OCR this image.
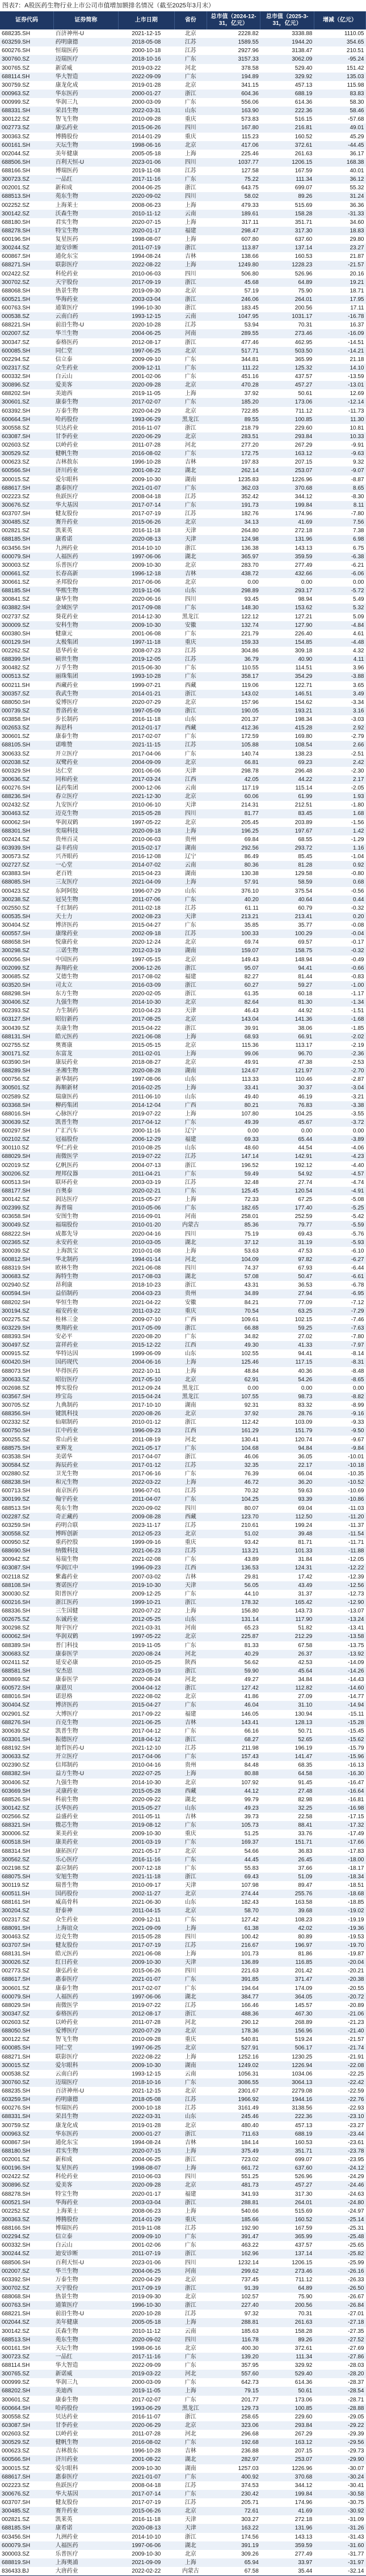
图表7：A股医药生物行业上市公司市值增加额排名情况（截至2025年3月末）
证券代码	证券简称	上市日期	省份	总市值（2024-12-31，亿元）	总市值（2025-3-31，亿元）	增减（亿元）
688235.SH	百济神州-U	2021-12-15	北京	2228.82	3338.88	1110.05
603259.SH	药明康德	2018-05-08	江苏	1589.55	1944.20	354.65
600276.SH	恒瑞医药	2000-10-18	江苏	2927.96	3138.47	210.51
300760.SZ	迈瑞医疗	2018-10-16	广东	3157.33	3062.09	-95.24
300765.SZ	新诺威	2019-03-22	河北	378.58	529.40	151.42
688114.SH	华大智造	2022-09-09	广东	194.89	329.92	135.03
300759.SZ	康龙化成	2019-01-28	北京	341.15	457.13	115.98
000963.SZ	华东医药	2000-01-27	浙江	604.36	688.19	83.83
000999.SZ	华润三九	2000-03-09	广东	556.06	614.36	58.30
688331.SH	荣昌生物	2022-03-31	山东	163.90	222.36	58.46
300122.SZ	智飞生物	2010-09-28	重庆	573.83	516.15	-57.68
002773.SZ	康弘药业	2015-06-26	四川	167.80	216.81	49.01
300363.SZ	博腾股份	2014-01-29	重庆	115.23	160.52	45.29
600161.SH	天坛生物	1998-06-16	北京	417.06	372.61	-44.45
002044.SZ	美年健康	2005-05-18	上海	225.46	261.63	36.17
688506.SH	百利天恒-U	2023-01-06	四川	1037.77	1206.15	168.38
688166.SH	博瑞医药	2019-11-08	江苏	127.58	167.59	40.01
300723.SZ	一品红	2017-11-16	广东	75.22	111.34	36.12
002001.SZ	新和成	2004-06-25	浙江	643.75	699.07	55.32
688513.SH	苑东生物	2020-09-02	四川	58.02	89.26	31.24
002252.SZ	上海莱士	2008-06-23	上海	479.33	515.69	36.36
300142.SZ	沃森生物	2010-11-12	云南	189.61	158.28	-31.33
688180.SH	君实生物	2020-07-15	上海	317.11	351.71	34.60
688278.SH	特宝生物	2020-01-17	福建	298.47	317.30	18.83
600196.SH	复星医药	1998-08-07	上海	607.80	637.60	29.80
300244.SZ	迪安诊断	2011-07-19	浙江	113.87	137.14	23.27
600867.SH	通化东宝	1994-08-24	吉林	138.66	160.53	21.87
688271.SH	联影医疗	2022-08-22	上海	1249.80	1228.23	-21.57
002422.SZ	科伦药业	2010-06-03	四川	506.80	526.96	20.16
300702.SZ	天宇股份	2017-09-19	浙江	45.68	64.89	19.21
688068.SH	热景生物	2019-09-30	北京	57.19	75.90	18.71
600521.SH	华海药业	2003-03-04	浙江	246.06	264.01	17.95
600763.SH	通策医疗	1996-10-30	浙江	183.45	200.56	17.11
000538.SZ	云南白药	1993-12-15	云南	1047.95	1031.17	-16.78
688221.SH	前沿生物-U	2020-10-28	江苏	53.94	70.31	16.37
002007.SZ	华兰生物	2004-06-25	河南	289.55	273.46	-16.09
300347.SZ	泰格医药	2012-08-17	浙江	477.46	462.95	-14.51
600085.SH	同仁堂	1997-06-25	北京	517.71	503.50	-14.21
002294.SZ	信立泰	2009-09-10	广东	344.81	365.99	21.18
002317.SZ	众生药业	2009-12-11	广东	111.22	125.32	14.10
600332.SH	白云山	2001-02-06	广东	451.16	437.57	-13.59
300896.SZ	爱美客	2020-09-28	北京	470.28	457.27	-13.01
688202.SH	美迪西	2019-11-05	上海	37.92	50.61	12.69
300601.SZ	康泰生物	2017-02-07	广东	185.20	173.06	-12.14
603392.SH	万泰生物	2020-04-29	北京	722.85	711.12	-11.73
600664.SH	哈药股份	1993-06-29	黑龙江	89.55	100.85	11.30
300558.SZ	贝达药业	2016-11-07	浙江	218.79	229.60	10.81
603087.SH	甘李药业	2020-06-29	北京	283.51	293.84	10.33
002603.SZ	以岭药业	2011-07-28	河北	277.20	267.29	-9.91
300529.SZ	健帆生物	2016-08-02	广东	172.75	163.12	-9.63
000623.SZ	吉林敖东	1996-10-28	吉林	197.83	207.15	9.32
600566.SH	济川药业	2001-08-22	湖北	262.14	253.07	-9.07
300015.SZ	爱尔眼科	2009-10-30	湖南	1235.83	1226.96	-8.87
688617.SH	惠泰医疗	2021-01-07	广东	362.03	370.68	8.65
002223.SZ	鱼跃医疗	2008-04-18	江苏	352.42	344.12	-8.30
300676.SZ	华大基因	2017-07-14	广东	191.73	199.84	8.11
603707.SH	健友股份	2017-07-19	江苏	182.76	174.96	-7.80
300485.SZ	赛升药业	2015-06-26	北京	34.13	41.69	7.56
002821.SZ	凯莱英	2016-11-18	天津	264.80	272.18	7.38
688185.SH	康希诺	2020-08-13	天津	124.98	131.96	6.98
603456.SH	九洲药业	2014-10-10	浙江	136.38	143.13	6.75
600079.SH	人福医药	1997-06-06	湖北	365.97	359.59	-6.38
300003.SZ	乐普医疗	2009-10-30	北京	283.70	277.49	-6.21
000661.SZ	长春高新	1996-12-18	吉林	438.72	432.66	-6.06
300661.SZ	圣邦股份	2017-06-06	北京	0.00	0.00	0.00
688185.SH	华熙生物	2019-11-06	山东	298.89	293.17	-5.72
300841.SZ	康华生物	2020-06-16	四川	93.45	98.94	5.49
603882.SH	金域医学	2017-09-08	广东	148.30	153.62	5.32
002737.SZ	葵花药业	2014-12-30	黑龙江	122.12	127.21	5.09
300009.SZ	安科生物	2009-10-30	安徽	132.74	127.90	-4.84
600380.SH	健康元	2001-06-08	广东	221.79	226.40	4.61
600129.SH	太极集团	1997-11-18	重庆	159.33	154.85	-4.48
002262.SZ	恩华药业	2008-07-23	江苏	304.86	309.18	4.32
688399.SH	硕世生物	2019-12-05	江苏	36.79	40.90	4.11
300482.SZ	万孚生物	2015-06-30	广东	110.55	114.51	3.96
000513.SZ	丽珠集团	1993-10-28	广东	358.17	354.29	-3.88
600211.SH	西藏药业	1999-07-21	西藏	119.06	122.71	3.65
300357.SZ	我武生物	2014-01-21	浙江	143.02	146.51	3.49
688050.SH	爱博医疗	2020-07-29	北京	157.96	154.62	-3.34
000739.SZ	普洛药业	1997-05-09	浙江	190.05	193.21	3.16
603858.SH	步长制药	2016-11-18	山东	201.37	198.34	-3.03
002653.SZ	海思科	2012-01-17	西藏	412.36	415.28	2.92
300601.SZ	康泰生物	2017-02-07	广东	172.59	169.80	-2.79
688105.SH	诺唯赞	2021-11-15	江苏	105.88	108.54	2.66
300633.SZ	开立医疗	2017-04-06	广东	140.74	138.23	-2.51
002038.SZ	双鹭药业	2004-09-09	北京	66.81	69.23	2.42
600329.SH	达仁堂	2001-06-06	天津	298.78	296.48	-2.30
300636.SZ	同和药业	2017-03-24	江西	42.05	44.22	2.17
600276.SH	昆药集团	2000-12-06	云南	117.19	115.14	-2.05
688236.SH	春立医疗	2021-12-30	北京	60.06	61.99	1.93
002432.SZ	九安医疗	2010-06-10	天津	214.31	212.51	-1.80
300463.SZ	迈克生物	2015-05-28	四川	81.77	83.45	1.68
600062.SH	华润双鹤	1997-05-22	北京	205.45	203.89	-1.56
688301.SH	奕瑞科技	2020-09-18	上海	196.25	197.67	1.42
002424.SZ	贵州百灵	2010-06-03	贵州	69.84	68.55	-1.29
603939.SH	益丰药房	2015-02-17	湖南	292.56	293.72	1.16
300573.SZ	兴齐眼药	2016-12-08	辽宁	86.49	85.45	-1.04
002727.SZ	一心堂	2014-07-02	云南	80.36	81.28	0.92
603883.SH	老百姓	2015-04-23	湖南	130.38	129.58	-0.80
688085.SH	三友医疗	2021-04-09	上海	57.91	58.59	0.68
000423.SZ	东阿阿胶	1996-07-29	山东	376.10	375.54	-0.56
300238.SZ	冠昊生物	2011-07-06	广东	40.20	40.64	0.44
002550.SZ	千红制药	2011-02-18	江苏	61.11	60.79	-0.32
600535.SH	天士力	2002-08-23	天津	213.21	213.41	0.20
300404.SZ	博济医药	2015-04-27	广东	35.85	35.77	-0.08
600557.SH	康缘药业	2002-09-18	江苏	100.33	100.29	-0.04
688658.SH	悦康药业	2020-12-24	北京	69.74	69.57	-0.17
300298.SZ	三诺生物	2012-03-19	湖南	159.07	158.75	-0.32
600056.SH	中国医药	1997-05-15	北京	149.43	148.94	-0.49
002099.SZ	海翔药业	2006-12-26	浙江	95.07	94.41	-0.66
300685.SZ	艾德生物	2017-08-02	福建	82.27	81.44	-0.83
603520.SH	司太立	2016-03-09	浙江	60.27	59.27	-1.00
688298.SH	东方生物	2020-02-05	浙江	61.35	60.18	-1.17
300406.SZ	九强生物	2014-10-30	北京	82.64	81.30	-1.34
002393.SZ	力生制药	2010-04-23	天津	46.43	44.92	-1.51
603127.SH	昭衍新药	2017-08-25	北京	143.04	141.36	-1.68
300439.SZ	美康生物	2015-04-22	浙江	39.91	38.06	-1.85
688131.SH	皓元医药	2021-06-08	上海	68.93	66.91	-2.02
002755.SZ	奥赛康	2015-05-15	北京	115.36	113.17	-2.19
300171.SZ	东富龙	2011-02-01	上海	99.06	96.70	-2.36
603590.SH	康辰药业	2018-08-27	北京	49.91	47.38	-2.53
688289.SH	圣湘生物	2020-08-28	湖南	124.67	121.97	-2.70
000756.SZ	新华制药	1997-08-06	山东	113.33	110.46	-2.87
300501.SZ	海顺新材	2016-02-25	上海	33.41	30.37	-3.04
002589.SZ	瑞康医药	2011-06-10	山东	49.40	46.19	-3.21
603368.SH	柳药集团	2014-12-04	广西	80.21	76.83	-3.38
688016.SH	心脉医疗	2019-07-22	上海	107.80	104.25	-3.55
300639.SZ	凯普生物	2017-04-12	广东	49.39	45.67	-3.72
600297.SH	广汇汽车	2000-11-16	辽宁	0.00	0.00	0.00
002102.SZ	冠福股份	2006-12-29	福建	69.33	65.44	-3.89
300110.SZ	华仁药业	2010-08-25	山东	48.60	44.54	-4.06
688029.SH	南微医学	2019-07-22	江苏	147.14	142.91	-4.23
002019.SZ	亿帆医药	2004-07-13	浙江	196.52	192.12	-4.40
300206.SZ	理邦仪器	2011-04-21	广东	59.49	54.92	-4.57
600513.SH	联环药业	2003-03-19	江苏	32.48	27.74	-4.74
688177.SH	百奥泰	2020-02-21	广东	125.45	120.54	-4.91
300142.SZ	润达医疗	2015-05-27	上海	72.33	67.25	-5.08
002399.SZ	海普瑞	2010-05-06	广东	182.65	177.40	-5.25
603658.SH	安图生物	2016-09-01	河南	258.01	252.59	-5.42
300049.SZ	福瑞股份	2010-01-20	内蒙古	85.36	79.77	-5.59
688222.SH	成都先导	2020-04-16	四川	75.19	69.43	-5.76
002365.SZ	永安药业	2010-03-05	湖北	37.12	31.19	-5.93
300039.SZ	上海凯宝	2010-01-08	上海	53.63	47.53	-6.10
600812.SH	华北制药	1994-01-14	河北	104.09	97.82	-6.27
688319.SH	欧林生物	2021-06-08	四川	74.37	67.93	-6.44
300683.SZ	海特生物	2017-08-03	湖北	57.08	50.47	-6.61
002940.SZ	昂利康	2018-10-23	浙江	43.31	36.53	-6.78
600594.SH	益佰制药	2004-03-23	贵州	34.89	27.94	-6.95
688202.SH	华恒生物	2021-04-22	安徽	84.21	77.09	-7.12
300194.SZ	福安药业	2011-03-22	重庆	70.54	63.25	-7.29
002275.SZ	桂林三金	2009-07-10	广西	109.61	102.15	-7.46
603229.SH	奥翔药业	2017-05-09	浙江	66.88	59.25	-7.63
688393.SH	安必平	2020-08-20	广东	34.82	27.02	-7.80
300497.SZ	富祥药业	2015-12-22	江西	49.30	41.33	-7.97
000915.SZ	华特达因	1999-06-09	山东	102.55	94.41	-8.14
600420.SH	国药现代	2004-06-16	上海	125.46	117.15	-8.31
688073.SH	毕得医药	2022-10-11	上海	48.84	40.36	-8.48
300633.SZ	昭衍医疗	2017-05-10	北京	62.91	54.26	-8.65
002698.SZ	博实股份	2012-09-24	黑龙江	0.00	0.00	0.00
603567.SH	珍宝岛	2015-04-24	黑龙江	107.55	98.73	-8.82
300705.SZ	九典制药	2017-10-10	湖南	92.31	83.32	-8.99
688356.SH	键凯科技	2020-08-26	北京	37.92	28.76	-9.16
002332.SZ	仙琚制药	2010-01-12	浙江	112.42	103.09	-9.33
600750.SH	江中药业	1996-09-23	江西	161.29	151.79	-9.50
300255.SZ	常山药业	2011-08-19	河北	130.41	120.74	-9.67
688575.SH	亚辉龙	2021-05-17	广东	104.68	94.84	-9.84
603538.SH	美诺华	2017-04-07	浙江	46.06	36.05	-10.01
300584.SZ	海辰药业	2017-01-12	江苏	32.35	22.17	-10.18
002880.SZ	卫光生物	2017-06-16	广东	76.39	66.04	-10.35
688238.SH	和元生物	2022-03-22	上海	46.72	36.20	-10.52
600713.SH	南京医药	1996-07-01	江苏	70.32	59.63	-10.69
300199.SZ	翰宇药业	2011-04-07	广东	104.25	93.39	-10.86
688513.SH	苑东生物	2020-09-02	四川	80.07	69.04	-11.03
002287.SZ	奇正藏药	2009-08-28	西藏	123.70	112.50	-11.20
603259.SH	药明合联	2023-11-17	江苏	210.61	199.24	-11.37
300558.SZ	博晖创新	2012-05-23	北京	51.02	39.48	-11.54
000950.SZ	重药控股	1999-09-16	重庆	93.42	81.71	-11.71
688690.SH	纳微科技	2021-06-23	江苏	113.21	101.33	-11.88
300942.SZ	易瑞生物	2021-02-08	广东	43.89	31.84	-12.05
603087.SH	华润江中	1996-09-23	江西	136.53	124.31	-12.22
002118.SZ	紫鑫药业	2007-03-02	吉林	29.81	17.42	-12.39
688108.SH	赛诺医疗	2019-10-30	天津	56.05	43.49	-12.56
300030.SZ	阳普医疗	2009-12-25	广东	44.10	31.37	-12.73
600216.SH	浙江医药	1999-10-21	浙江	178.32	165.42	-12.90
688336.SH	三生国健	2020-07-22	上海	156.80	143.73	-13.07
002675.SZ	东诚药业	2012-05-25	山东	131.14	117.90	-13.24
300298.SZ	翔宇医疗	2021-03-31	河南	65.23	51.82	-13.41
600062.SH	华润双鹤	1997-05-22	北京	225.87	212.29	-13.58
688389.SH	普门科技	2019-11-05	广东	81.33	67.58	-13.75
300683.SZ	康泰医学	2020-08-24	河北	40.29	26.37	-13.92
002411.SZ	延安必康	2010-05-25	陕西	56.62	42.53	-14.09
688581.SH	安杰思	2023-05-19	浙江	59.90	45.64	-14.26
300869.SZ	康泰医学	2020-08-24	河北	49.27	34.84	-14.43
600572.SH	康恩贝	2004-04-12	浙江	127.42	112.82	-14.60
688016.SH	诺思格	2022-08-02	北京	41.86	27.09	-14.77
300404.SZ	博济医药	2015-04-27	广东	46.04	31.10	-14.94
002901.SZ	大博医疗	2017-09-22	福建	146.05	130.94	-15.11
688276.SH	百克生物	2021-06-25	吉林	143.41	128.13	-15.28
300639.SZ	凯普生物	2017-04-12	广东	66.16	50.71	-15.45
603301.SH	振德医疗	2018-04-12	浙江	68.27	52.65	-15.62
688192.SH	迪哲医药-U	2021-12-10	江苏	211.98	196.19	-15.79
300633.SZ	开立医疗	2017-04-06	广东	157.43	141.47	-15.96
002390.SZ	信邦制药	2010-04-16	贵州	84.48	68.35	-16.13
688382.SH	益方生物-U	2022-07-25	上海	80.88	64.58	-16.30
300406.SZ	九强生物	2014-10-30	北京	107.92	91.45	-16.47
603669.SH	灵康药业	2015-05-28	西藏	44.12	27.48	-16.64
688526.SH	科前生物	2020-09-22	湖北	99.79	82.98	-16.81
300142.SZ	沃华医药	2015-05-27	山东	49.23	32.25	-16.98
002566.SZ	益盛药业	2011-05-11	吉林	39.73	22.58	-17.15
688321.SH	微芯生物	2019-08-12	广东	105.73	88.41	-17.32
300006.SZ	莱美药业	2009-10-30	重庆	51.25	33.76	-17.49
600518.SH	康美药业	2001-03-19	广东	169.37	151.71	-17.66
688314.SH	康拓医疗	2021-05-17	北京	54.66	36.83	-17.83
300562.SZ	乐心医疗	2016-11-16	广东	44.45	26.45	-18.00
002198.SZ	嘉应制药	2007-12-18	广东	55.83	37.66	-18.17
688075.SH	安旭生物	2021-11-18	浙江	69.43	51.09	-18.34
300119.SZ	瑞普生物	2010-09-17	天津	107.98	89.47	-18.51
600511.SH	国药股份	2002-11-27	北京	274.44	255.76	-18.68
688161.SH	威高骨科	2021-06-30	山东	182.43	163.58	-18.85
300204.SZ	舒泰神	2011-04-15	北京	58.70	39.68	-19.02
002317.SZ	众生药业	2009-12-11	广东	127.42	108.23	-19.19
688091.SH	上海谊众	2021-09-09	上海	61.38	42.02	-19.36
300463.SZ	迈克生物	2015-05-28	四川	100.42	80.89	-19.53
603707.SH	健友股份	2017-07-19	江苏	216.67	196.97	-19.70
688131.SH	皓元医药	2021-06-08	上海	101.73	81.86	-19.87
300026.SZ	红日药业	2009-10-30	天津	136.89	116.85	-20.04
002773.SZ	康弘药业	2015-06-26	四川	221.63	201.42	-20.21
688617.SH	惠泰医疗	2021-01-07	广东	391.85	371.47	-20.38
300601.SZ	康泰生物	2017-02-07	广东	194.64	174.09	-20.55
600079.SH	人福医药	1997-06-06	湖北	384.77	364.05	-20.72
688029.SH	南微医学	2019-07-22	江苏	166.46	145.57	-20.89
300347.SZ	泰格医药	2012-08-17	浙江	488.36	467.30	-21.06
002603.SZ	以岭药业	2011-07-28	河北	290.12	268.89	-21.23
688050.SH	爱博医疗	2020-07-29	北京	178.36	156.96	-21.40
300122.SZ	智飞生物	2010-09-28	重庆	540.81	519.24	-21.57
600085.SH	同仁堂	1997-06-25	北京	527.91	506.17	-21.74
688271.SH	联影医疗	2022-08-22	上海	1252.16	1230.25	-21.91
300015.SZ	爱尔眼科	2009-10-30	湖南	1249.02	1226.94	-22.08
000538.SZ	云南白药	1993-12-15	云南	1056.31	1034.06	-22.25
300760.SZ	迈瑞医疗	2018-10-16	广东	3086.55	3064.13	-22.42
688235.SH	百济神州-U	2021-12-15	北京	2301.67	2279.08	-22.59
603259.SH	药明康德	2018-05-08	江苏	1966.92	1944.16	-22.76
600276.SH	恒瑞医药	2000-10-18	江苏	3161.49	3138.56	-22.93
688331.SH	荣昌生物	2022-03-31	山东	245.46	222.36	-23.10
300759.SZ	康龙化成	2019-01-28	北京	480.40	457.13	-23.27
000963.SZ	华东医药	2000-01-27	浙江	711.63	688.19	-23.44
600867.SH	通化东宝	1994-08-24	吉林	184.14	160.53	-23.61
688180.SH	君实生物	2020-07-15	上海	375.49	351.71	-23.78
002001.SZ	新和成	2004-06-25	浙江	723.02	699.07	-23.95
600196.SH	复星医药	1998-08-07	上海	661.72	637.60	-24.12
002422.SZ	科伦药业	2010-06-03	四川	551.25	526.96	-24.29
300896.SZ	爱美客	2020-09-28	北京	481.73	457.27	-24.46
688278.SH	特宝生物	2020-01-17	福建	341.93	317.30	-24.63
600521.SH	华海药业	2003-03-04	浙江	288.81	264.01	-24.80
002252.SZ	上海莱士	2008-06-23	上海	540.66	515.69	-24.97
300363.SZ	博腾股份	2014-01-29	重庆	185.66	160.52	-25.14
688166.SH	博瑞医药	2019-11-08	江苏	192.90	167.59	-25.31
002294.SZ	信立泰	2009-09-10	广东	391.47	365.99	-25.48
600332.SH	白云山	2001-02-06	广东	463.22	437.57	-25.65
300244.SZ	迪安诊断	2011-07-19	浙江	162.96	137.14	-25.82
688506.SH	百利天恒-U	2023-01-06	四川	1232.14	1206.15	-25.99
002007.SZ	华兰生物	2004-06-25	河南	299.62	273.46	-26.16
603392.SH	万泰生物	2020-04-29	北京	737.45	711.12	-26.33
300702.SZ	天宇股份	2017-09-19	浙江	91.39	64.89	-26.50
688068.SH	热景生物	2019-09-30	北京	102.57	75.90	-26.67
600763.SH	通策医疗	1996-10-30	浙江	227.40	200.56	-26.84
688221.SH	前沿生物-U	2020-10-28	江苏	97.32	70.31	-27.01
002044.SZ	美年健康	2005-05-18	上海	288.81	261.63	-27.18
300142.SZ	沃森生物	2010-11-12	云南	185.63	158.28	-27.35
688513.SH	苑东生物	2020-09-02	四川	116.78	89.26	-27.52
600161.SH	天坛生物	1998-06-16	北京	400.30	372.61	-27.69
300723.SZ	一品红	2017-11-16	广东	139.20	111.34	-27.86
688114.SH	华大智造	2022-09-09	广东	357.95	329.92	-28.03
300765.SZ	新诺威	2019-03-22	河北	557.60	529.40	-28.20
000999.SZ	华润三九	2000-03-09	广东	642.73	614.36	-28.37
688202.SH	美迪西	2019-11-05	上海	79.15	50.61	-28.54
300601.SZ	康泰生物	2017-02-07	广东	201.77	173.06	-28.71
600664.SH	哈药股份	1993-06-29	黑龙江	129.73	100.85	-28.88
300558.SZ	贝达药业	2016-11-07	浙江	258.65	229.60	-29.05
603087.SH	甘李药业	2020-06-29	北京	323.06	293.84	-29.22
002603.SZ	以岭药业	2011-07-28	河北	296.68	267.29	-29.39
300529.SZ	健帆生物	2016-08-02	广东	192.68	163.12	-29.56
000623.SZ	吉林敖东	1996-10-28	吉林	236.88	207.15	-29.73
600566.SH	济川药业	2001-08-22	湖北	282.97	253.07	-29.90
300015.SZ	爱尔眼科	2009-10-30	湖南	1257.03	1226.96	-30.07
688617.SH	惠泰医疗	2021-01-07	广东	400.92	370.68	-30.24
002223.SZ	鱼跃医疗	2008-04-18	江苏	374.53	344.12	-30.41
300676.SZ	华大基因	2017-07-14	广东	230.42	199.84	-30.58
603707.SH	健友股份	2017-07-19	江苏	205.71	174.96	-30.75
300485.SZ	赛升药业	2015-06-26	北京	72.61	41.69	-30.92
002821.SZ	凯莱英	2016-11-18	天津	303.27	272.18	-31.09
688185.SH	康希诺	2020-08-13	天津	163.22	131.96	-31.26
603456.SH	九洲药业	2014-10-10	浙江	174.56	143.13	-31.43
600079.SH	人福医药	1997-06-06	湖北	391.19	359.59	-31.60
300003.SZ	乐普医疗	2009-10-30	北京	309.26	277.49	-31.77
688819.SH	上海奥浦	2021-09-09	上海	65.94	33.97	-31.97
836433.BJ	大唐药业	2022-02-22	内蒙古	67.58	35.44	-32.14
